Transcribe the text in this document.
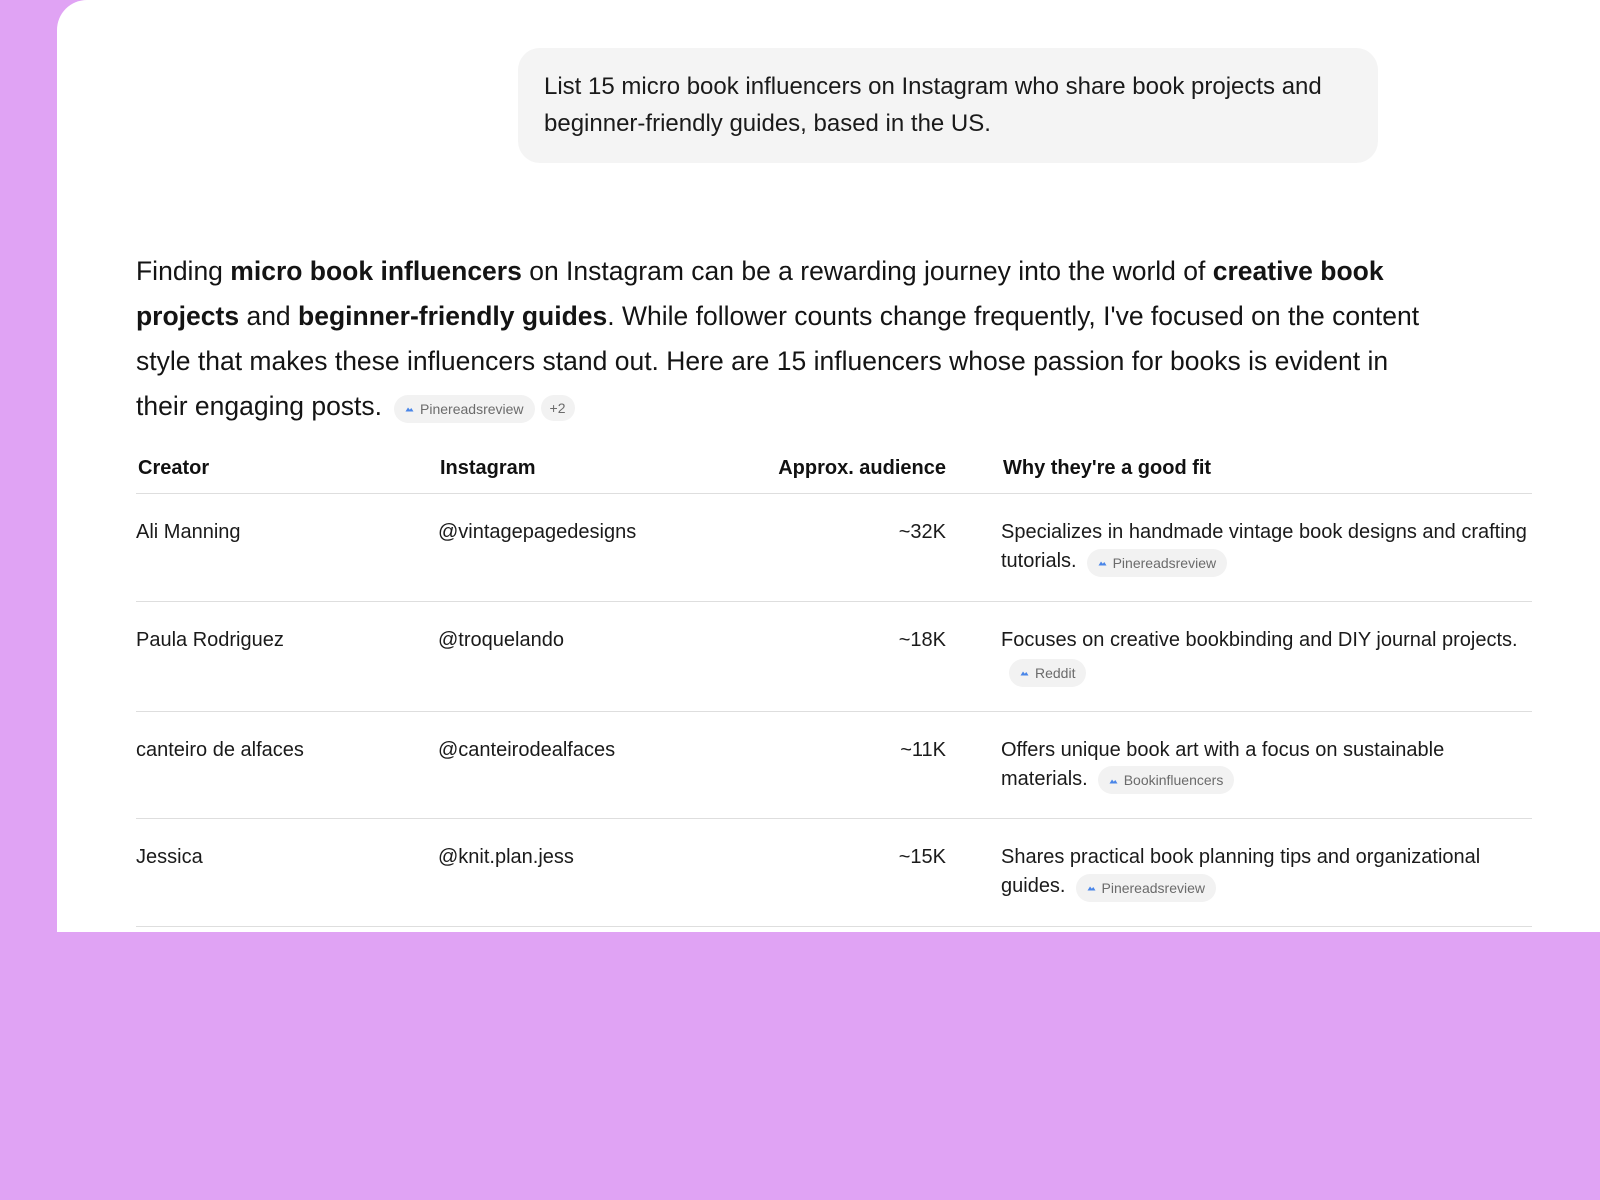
List 15 micro book influencers on Instagram who share book projects and beginner-friendly guides, based in the US.

Finding micro book influencers on Instagram can be a rewarding journey into the world of creative book projects and beginner-friendly guides. While follower counts change frequently, I've focused on the content style that makes these influencers stand out. Here are 15 influencers whose passion for books is evident in their engaging posts.	Pinereadsreview +2

Creator	Instagram	Approx. audience	Why they're a good fit
Ali Manning	@vintagepagedesigns	~32K	Specializes in handmade vintage book designs and crafting tutorials. Pinereadsreview

Paula Rodriguez	@troquelando	~18K	Focuses on creative bookbinding and DIY journal projects.

Reddit

canteiro de alfaces	@canteirodealfaces	~11K	Offers unique book art with a focus on sustainable materials. Bookinfluencers

Jessica	@knit.plan.jess	~15K	Shares practical book planning tips and organizational guides. Pinereadsreview
